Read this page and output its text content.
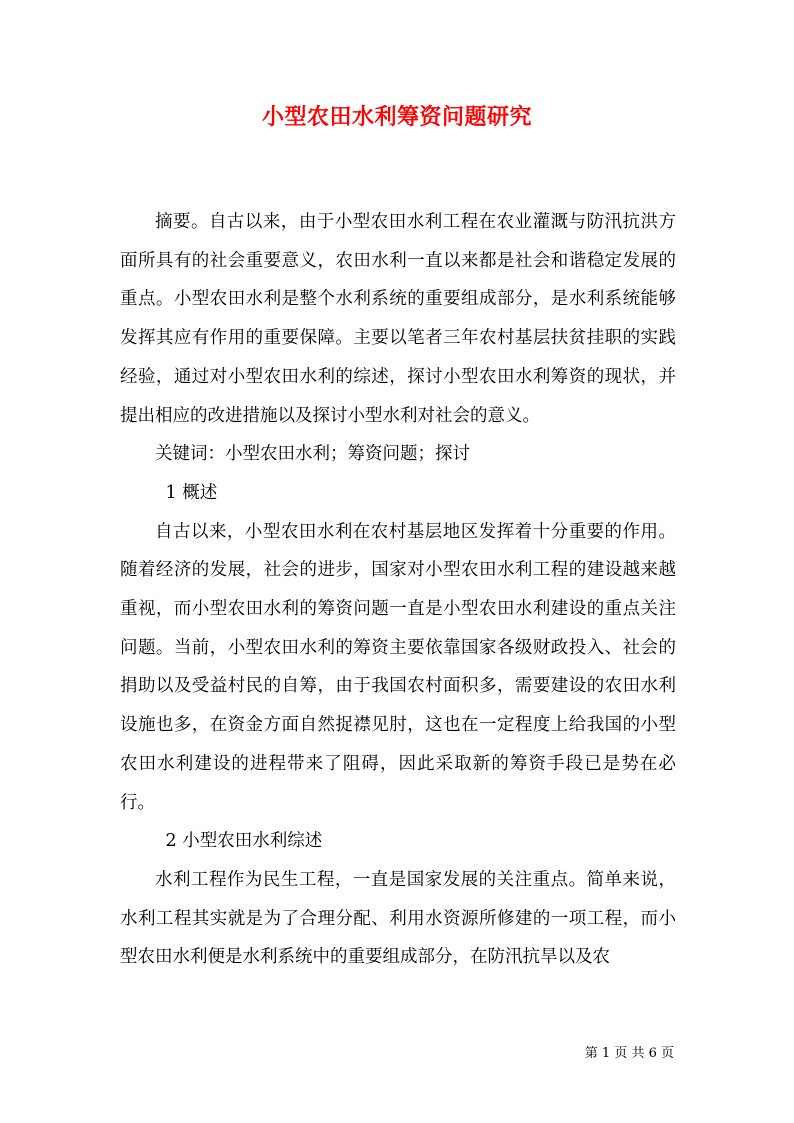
小型农田水利筹资问题研究

摘要。自古以来，由于小型农田水利工程在农业灌溉与防汛抗洪方面所具有的社会重要意义，农田水利一直以来都是社会和谐稳定发展的重点。小型农田水利是整个水利系统的重要组成部分，是水利系统能够发挥其应有作用的重要保障。主要以笔者三年农村基层扶贫挂职的实践经验，通过对小型农田水利的综述，探讨小型农田水利筹资的现状，并提出相应的改进措施以及探讨小型水利对社会的意义。

关键词：小型农田水利；筹资问题；探讨

1 概述

自古以来，小型农田水利在农村基层地区发挥着十分重要的作用。随着经济的发展，社会的进步，国家对小型农田水利工程的建设越来越重视，而小型农田水利的筹资问题一直是小型农田水利建设的重点关注问题。当前，小型农田水利的筹资主要依靠国家各级财政投入、社会的捐助以及受益村民的自筹，由于我国农村面积多，需要建设的农田水利设施也多，在资金方面自然捉襟见肘，这也在一定程度上给我国的小型农田水利建设的进程带来了阻碍，因此采取新的筹资手段已是势在必行。

2 小型农田水利综述

水利工程作为民生工程，一直是国家发展的关注重点。简单来说，水利工程其实就是为了合理分配、利用水资源所修建的一项工程，而小型农田水利便是水利系统中的重要组成部分，在防汛抗旱以及农

第 1 页 共 6 页
